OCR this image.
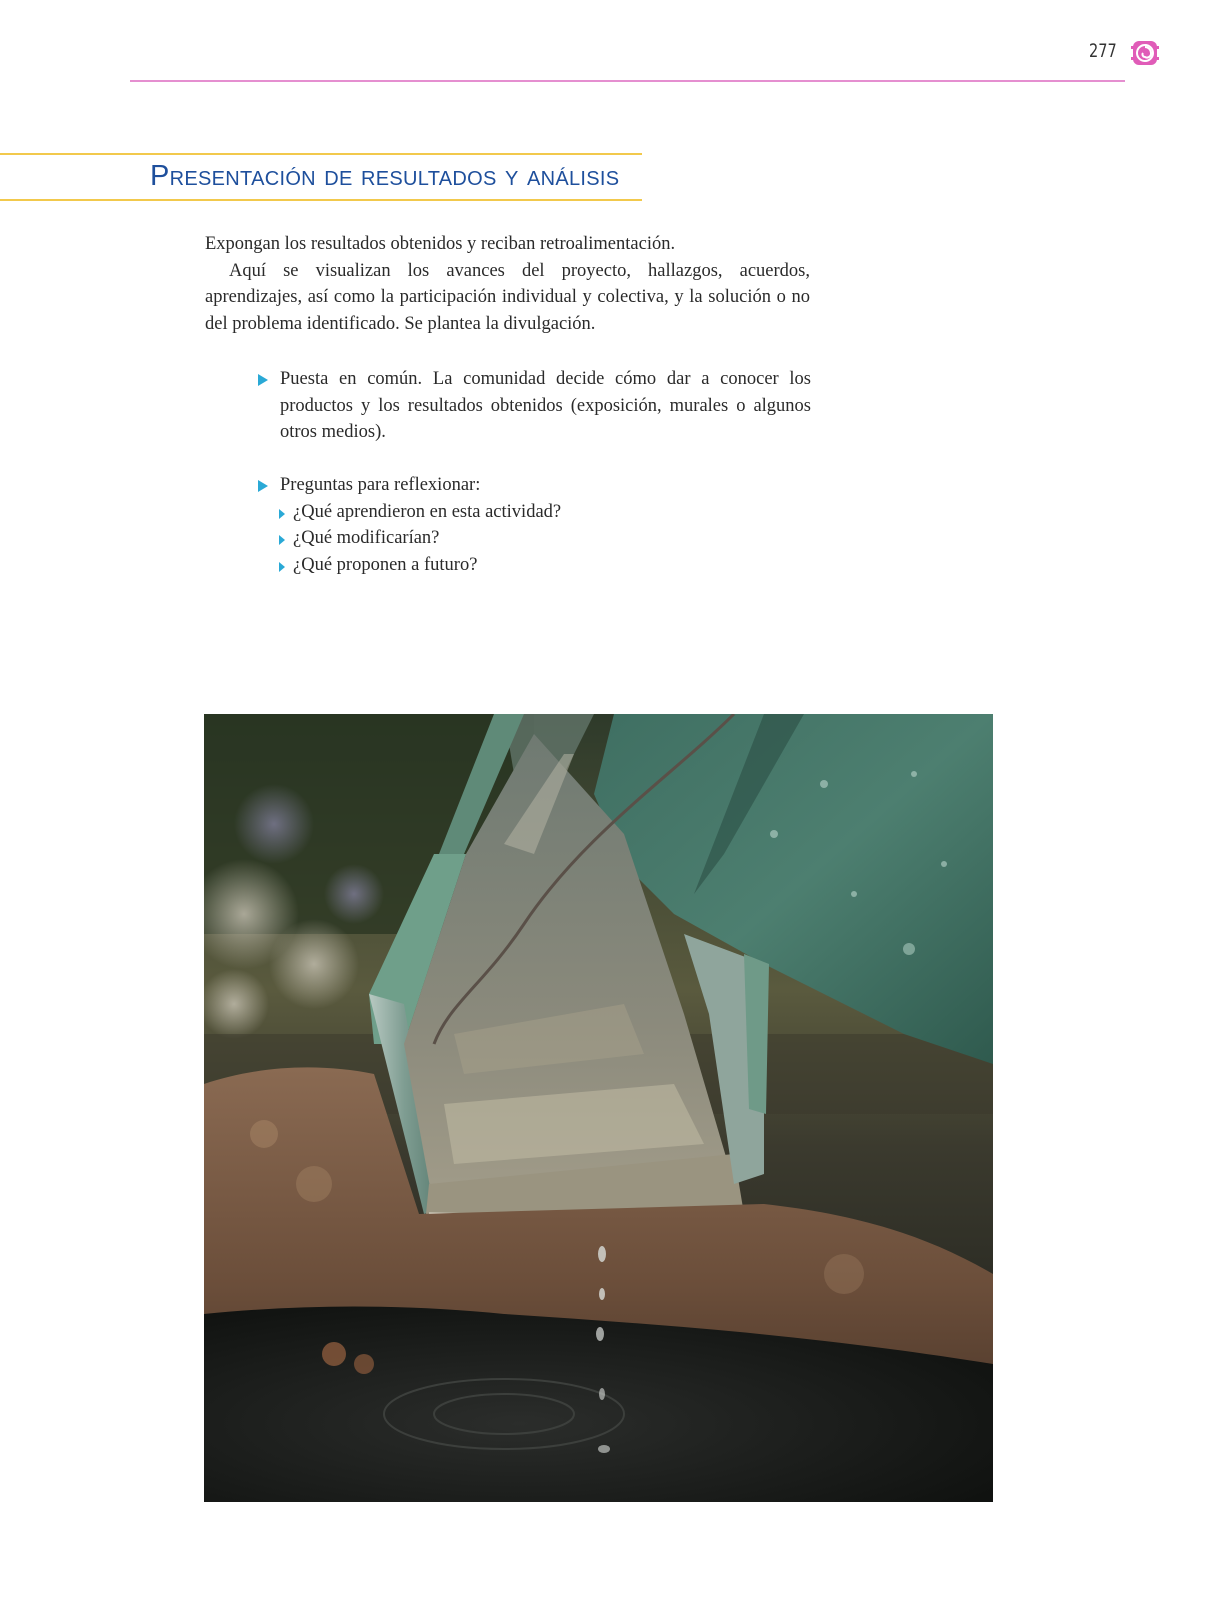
277
Presentación de resultados y análisis

Expongan los resultados obtenidos y reciban retroalimentación.

Aquí se visualizan los avances del proyecto, hallazgos, acuerdos, aprendizajes, así como la participación individual y colectiva, y la solución o no del problema identificado. Se plantea la divulgación.

Puesta en común. La comunidad decide cómo dar a conocer los productos y los resultados obtenidos (exposición, murales o algunos otros medios).
Preguntas para reflexionar:
¿Qué aprendieron en esta actividad?
¿Qué modificarían?
¿Qué proponen a futuro?
